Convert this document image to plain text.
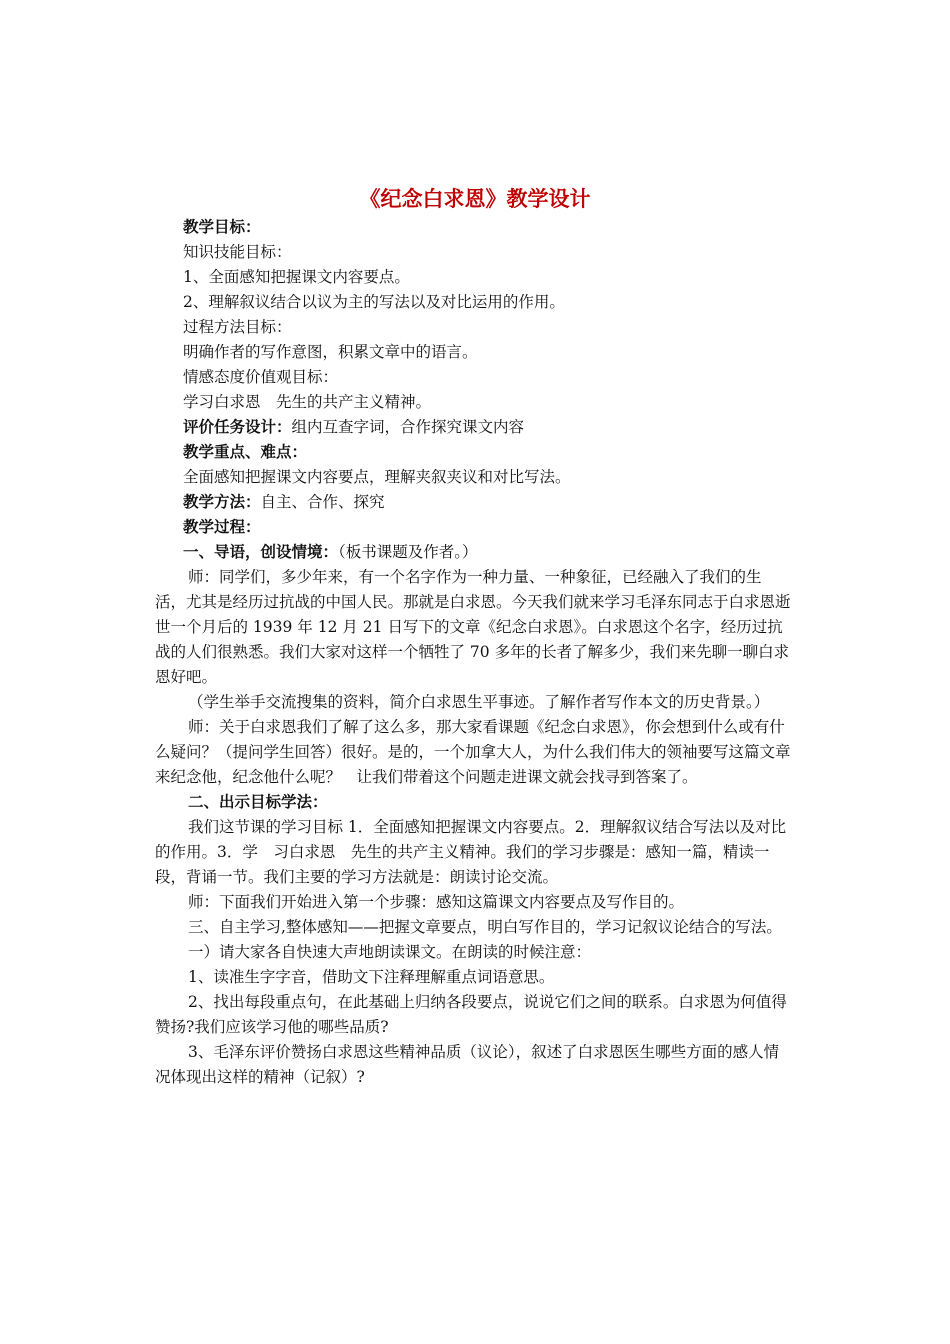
《纪念白求恩》教学设计

教学目标：

知识技能目标：

1、全面感知把握课文内容要点。

2、理解叙议结合以议为主的写法以及对比运用的作用。

过程方法目标：

明确作者的写作意图，积累文章中的语言。

情感态度价值观目标：

学习白求恩　先生的共产主义精神。

评价任务设计：组内互查字词，合作探究课文内容

教学重点、难点：

全面感知把握课文内容要点，理解夹叙夹议和对比写法。

教学方法：自主、合作、探究

教学过程：

一、导语，创设情境：（板书课题及作者。）

师：同学们，多少年来，有一个名字作为一种力量、一种象征，已经融入了我们的生活，尤其是经历过抗战的中国人民。那就是白求恩。今天我们就来学习毛泽东同志于白求恩逝世一个月后的 1939 年 12 月 21 日写下的文章《纪念白求恩》。白求恩这个名字，经历过抗战的人们很熟悉。我们大家对这样一个牺牲了 70 多年的长者了解多少，我们来先聊一聊白求恩好吧。

（学生举手交流搜集的资料，简介白求恩生平事迹。了解作者写作本文的历史背景。）

师：关于白求恩我们了解了这么多，那大家看课题《纪念白求恩》，你会想到什么或有什么疑问？（提问学生回答）很好。是的，一个加拿大人，为什么我们伟大的领袖要写这篇文章来纪念他，纪念他什么呢？　让我们带着这个问题走进课文就会找寻到答案了。

二、出示目标学法：

我们这节课的学习目标 1．全面感知把握课文内容要点。2．理解叙议结合写法以及对比的作用。3．学　习白求恩　先生的共产主义精神。我们的学习步骤是：感知一篇，精读一段，背诵一节。我们主要的学习方法就是：朗读讨论交流。

师：下面我们开始进入第一个步骤：感知这篇课文内容要点及写作目的。

三、自主学习,整体感知——把握文章要点，明白写作目的，学习记叙议论结合的写法。

一）请大家各自快速大声地朗读课文。在朗读的时候注意：

1、读准生字字音，借助文下注释理解重点词语意思。

2、找出每段重点句，在此基础上归纳各段要点，说说它们之间的联系。白求恩为何值得赞扬?我们应该学习他的哪些品质?

3、毛泽东评价赞扬白求恩这些精神品质（议论），叙述了白求恩医生哪些方面的感人情况体现出这样的精神（记叙）?
